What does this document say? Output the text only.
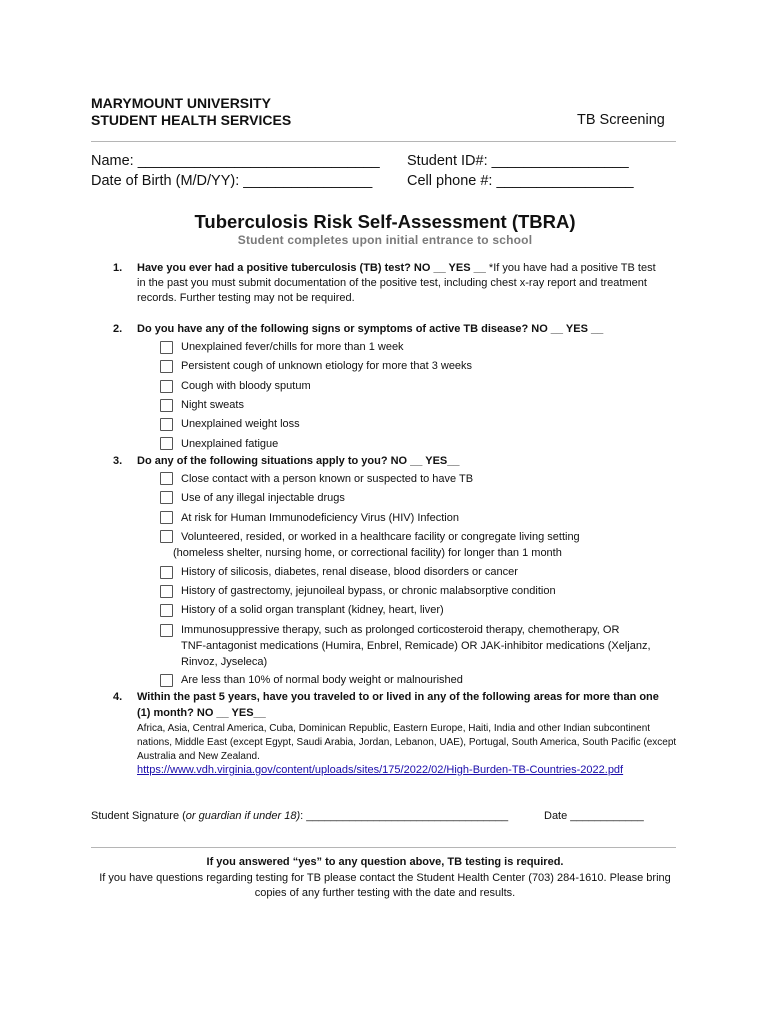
MARYMOUNT UNIVERSITY
STUDENT HEALTH SERVICES	TB Screening
Name: ______________________________
Date of Birth (M/D/YY): ________________
Student ID#: _________________
Cell phone #: _________________
Tuberculosis Risk Self-Assessment (TBRA)
Student completes upon initial entrance to school
1. Have you ever had a positive tuberculosis (TB) test? NO __ YES __ *If you have had a positive TB test
in the past you must submit documentation of the positive test, including chest x-ray report and treatment
records. Further testing may not be required.
2. Do you have any of the following signs or symptoms of active TB disease? NO __ YES __
Unexplained fever/chills for more than 1 week
Persistent cough of unknown etiology for more that 3 weeks
Cough with bloody sputum
Night sweats
Unexplained weight loss
Unexplained fatigue
3. Do any of the following situations apply to you? NO __ YES__
Close contact with a person known or suspected to have TB
Use of any illegal injectable drugs
At risk for Human Immunodeficiency Virus (HIV) Infection
Volunteered, resided, or worked in a healthcare facility or congregate living setting
(homeless shelter, nursing home, or correctional facility) for longer than 1 month
History of silicosis, diabetes, renal disease, blood disorders or cancer
History of gastrectomy, jejunoileal bypass, or chronic malabsorptive condition
History of a solid organ transplant (kidney, heart, liver)
Immunosuppressive therapy, such as prolonged corticosteroid therapy, chemotherapy, OR
TNF-antagonist medications (Humira, Enbrel, Remicade) OR JAK-inhibitor medications (Xeljanz,
Rinvoz, Jyseleca)
Are less than 10% of normal body weight or malnourished
4. Within the past 5 years, have you traveled to or lived in any of the following areas for more than one
(1) month? NO __ YES__
Africa, Asia, Central America, Cuba, Dominican Republic, Eastern Europe, Haiti, India and other Indian subcontinent
nations, Middle East (except Egypt, Saudi Arabia, Jordan, Lebanon, UAE), Portugal, South America, South Pacific (except
Australia and New Zealand.
https://www.vdh.virginia.gov/content/uploads/sites/175/2022/02/High-Burden-TB-Countries-2022.pdf
Student Signature (or guardian if under 18): _________________________________	Date ____________
If you answered “yes” to any question above, TB testing is required.
If you have questions regarding testing for TB please contact the Student Health Center (703) 284-1610. Please bring
copies of any further testing with the date and results.
